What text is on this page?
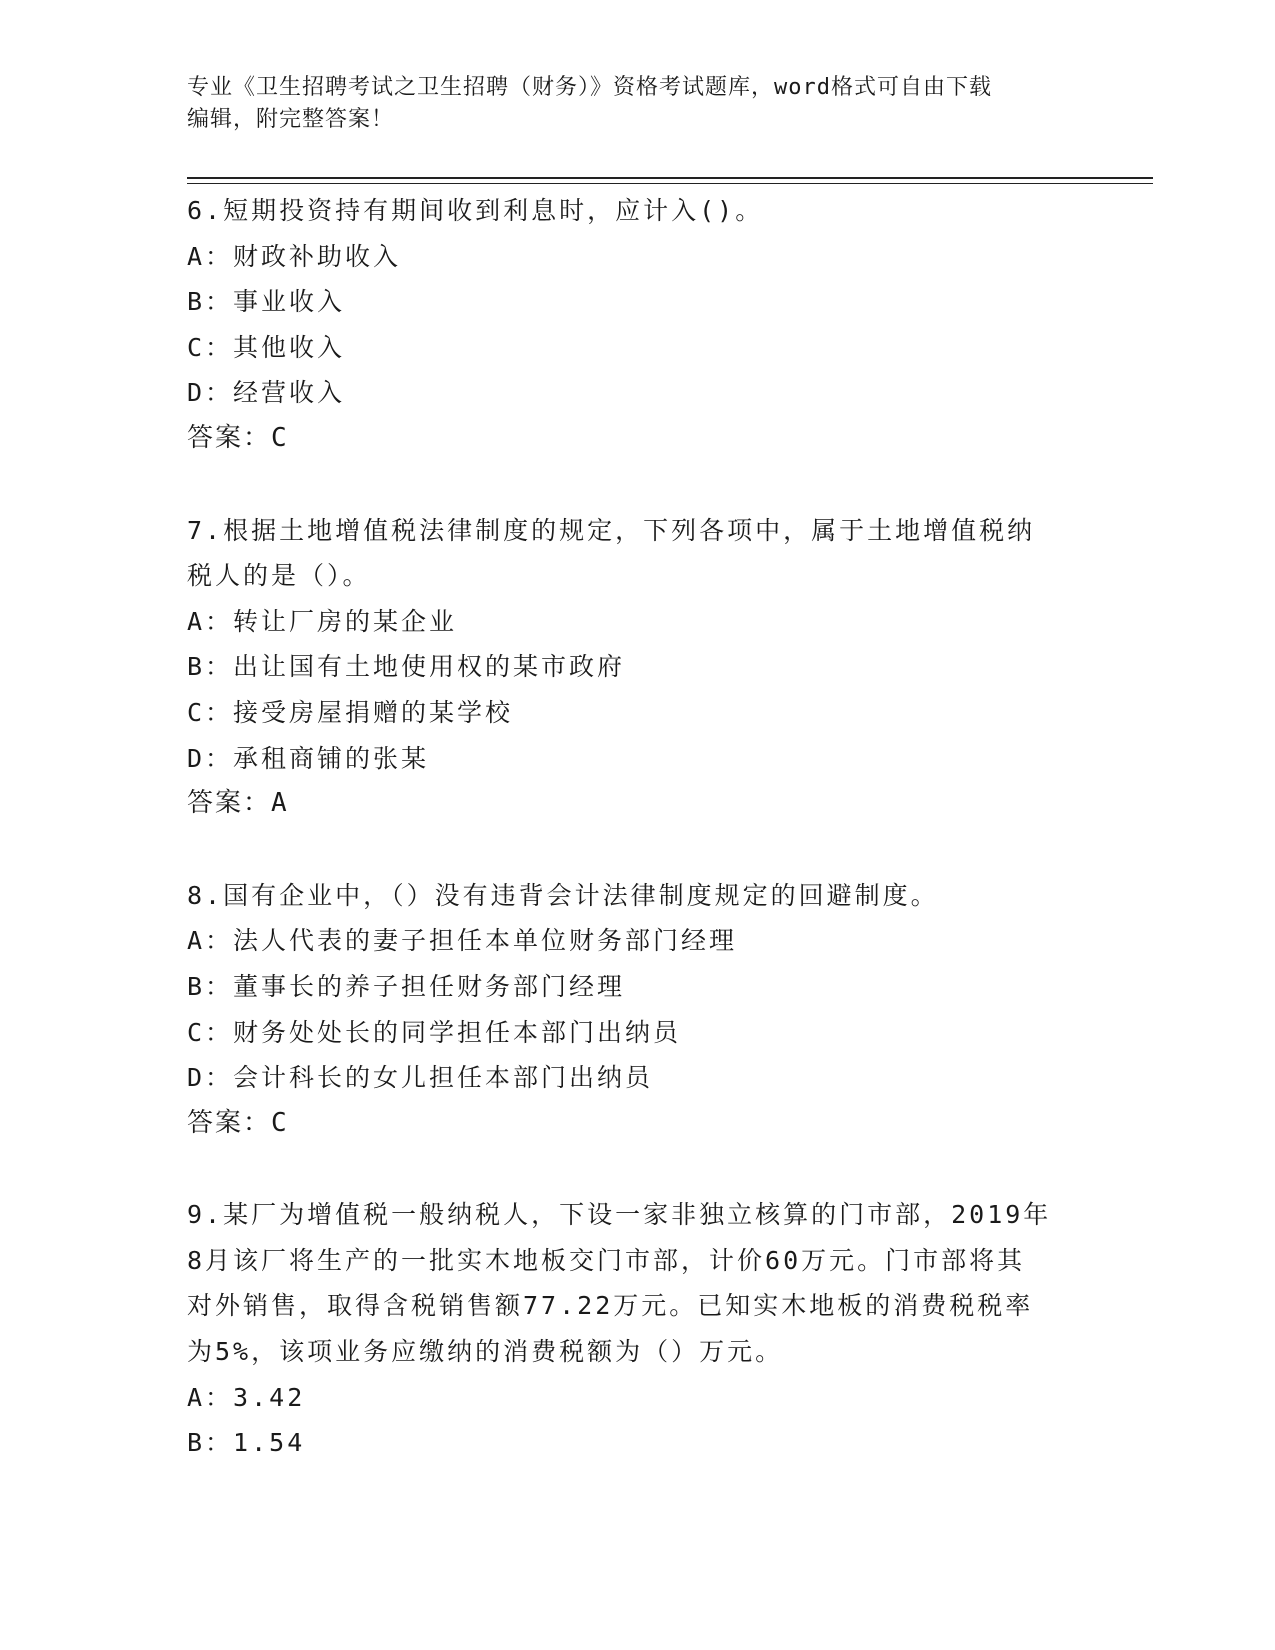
专业《卫生招聘考试之卫生招聘（财务）》资格考试题库，word格式可自由下载
编辑，附完整答案！
6.短期投资持有期间收到利息时，应计入()。
A：财政补助收入
B：事业收入
C：其他收入
D：经营收入
答案：C
7.根据土地增值税法律制度的规定，下列各项中，属于土地增值税纳
税人的是（）。
A：转让厂房的某企业
B：出让国有土地使用权的某市政府
C：接受房屋捐赠的某学校
D：承租商铺的张某
答案：A
8.国有企业中，（）没有违背会计法律制度规定的回避制度。
A：法人代表的妻子担任本单位财务部门经理
B：董事长的养子担任财务部门经理
C：财务处处长的同学担任本部门出纳员
D：会计科长的女儿担任本部门出纳员
答案：C
9.某厂为增值税一般纳税人，下设一家非独立核算的门市部，2019年
8月该厂将生产的一批实木地板交门市部，计价60万元。门市部将其
对外销售，取得含税销售额77.22万元。已知实木地板的消费税税率
为5%，该项业务应缴纳的消费税额为（）万元。
A：3.42
B：1.54
